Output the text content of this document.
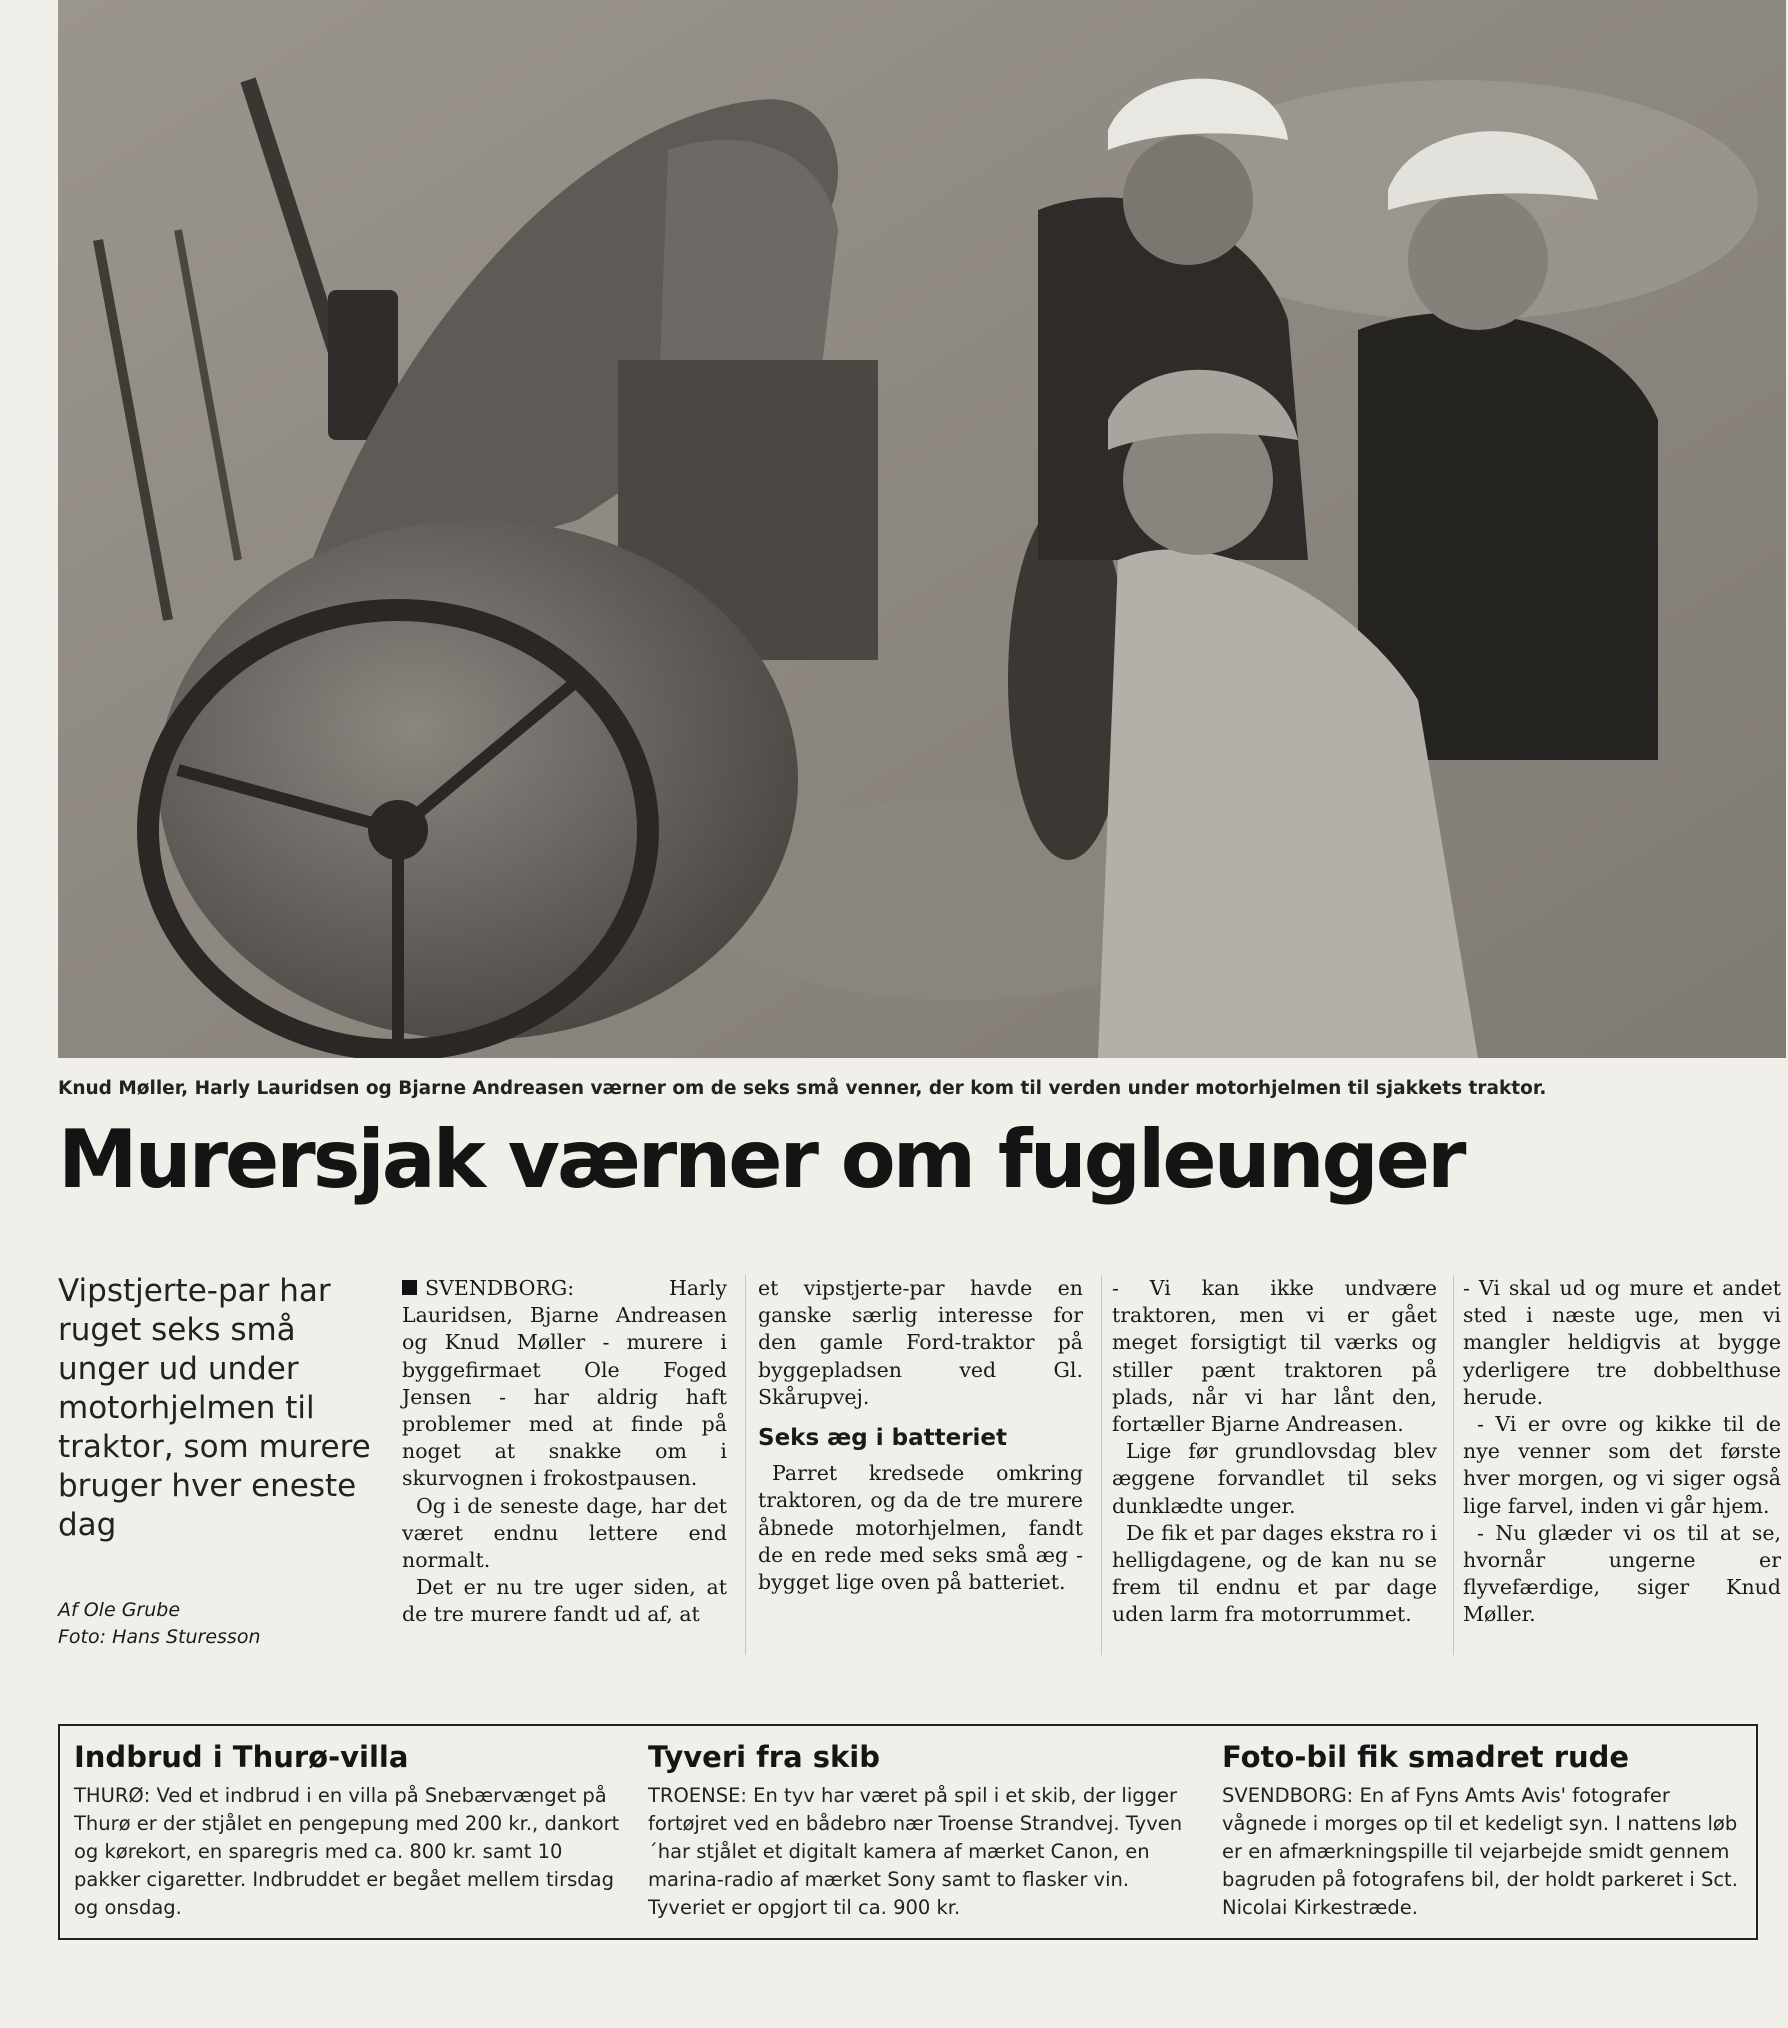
Knud Møller, Harly Lauridsen og Bjarne Andreasen værner om de seks små venner, der kom til verden under motorhjelmen til sjakkets traktor.
Murersjak værner om fugleunger
Vipstjerte-par har ruget seks små unger ud under motorhjelmen til traktor, som murere bruger hver eneste dag
Af Ole Grube
Foto: Hans Sturesson

SVENDBORG: Harly Lauridsen, Bjarne Andreasen og Knud Møller - murere i byggefirmaet Ole Foged Jensen - har aldrig haft problemer med at finde på noget at snakke om i skurvognen i frokostpausen.

Og i de seneste dage, har det været endnu lettere end normalt.

Det er nu tre uger siden, at de tre murere fandt ud af, at

et vipstjerte-par havde en ganske særlig interesse for den gamle Ford-traktor på byggepladsen ved Gl. Skårupvej.

Seks æg i batteriet

Parret kredsede omkring traktoren, og da de tre murere åbnede motorhjelmen, fandt de en rede med seks små æg - bygget lige oven på batteriet.

- Vi kan ikke undvære traktoren, men vi er gået meget forsigtigt til værks og stiller pænt traktoren på plads, når vi har lånt den, fortæller Bjarne Andreasen.

Lige før grundlovsdag blev æggene forvandlet til seks dunklædte unger.

De fik et par dages ekstra ro i helligdagene, og de kan nu se frem til endnu et par dage uden larm fra motorrummet.

- Vi skal ud og mure et andet sted i næste uge, men vi mangler heldigvis at bygge yderligere tre dobbelthuse herude.

- Vi er ovre og kikke til de nye venner som det første hver morgen, og vi siger også lige farvel, inden vi går hjem.

- Nu glæder vi os til at se, hvornår ungerne er flyvefærdige, siger Knud Møller.

Indbrud i Thurø-villa

THURØ: Ved et indbrud i en villa på Snebærvænget på Thurø er der stjålet en pengepung med 200 kr., dankort og kørekort, en sparegris med ca. 800 kr. samt 10 pakker cigaretter. Indbruddet er begået mellem tirsdag og onsdag.

Tyveri fra skib

TROENSE: En tyv har været på spil i et skib, der ligger fortøjret ved en bådebro nær Troense Strandvej. Tyven ´har stjålet et digitalt kamera af mærket Canon, en marina-radio af mærket Sony samt to flasker vin. Tyveriet er opgjort til ca. 900 kr.

Foto-bil fik smadret rude

SVENDBORG: En af Fyns Amts Avis' fotografer vågnede i morges op til et kedeligt syn. I nattens løb er en afmærkningspille til vejarbejde smidt gennem bagruden på fotografens bil, der holdt parkeret i Sct. Nicolai Kirkestræde.
